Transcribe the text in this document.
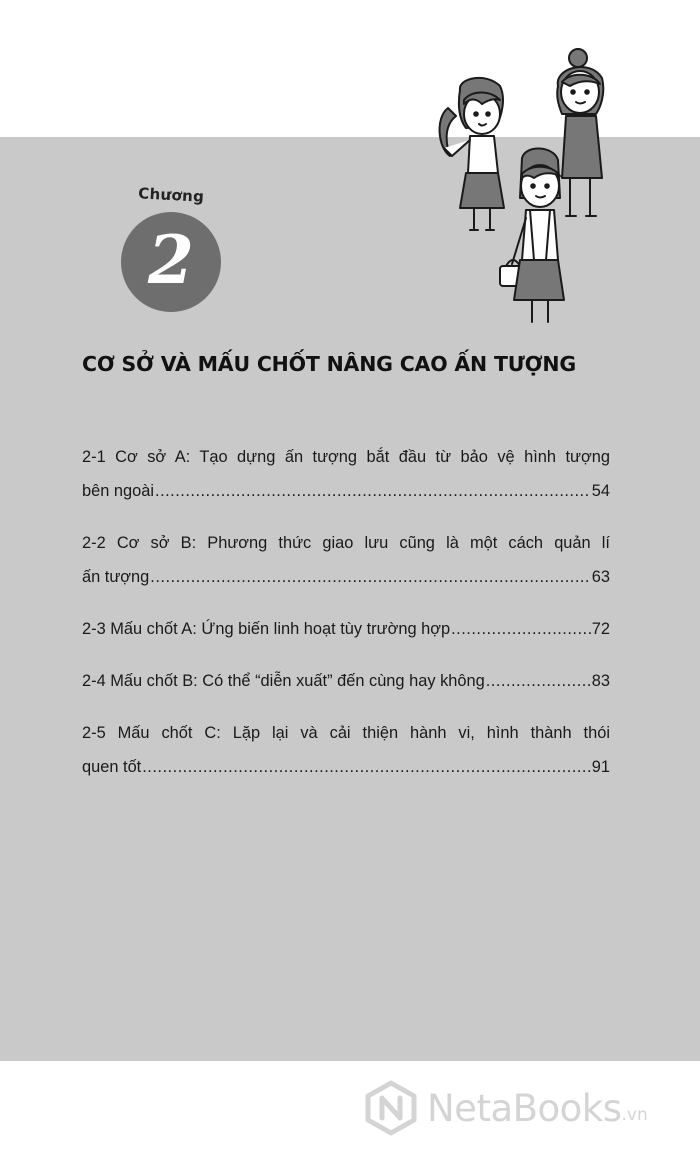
Chương
2
CƠ SỞ VÀ MẤU CHỐT NÂNG CAO ẤN TƯỢNG
2-1 Cơ sở A: Tạo dựng ấn tượng bắt đầu từ bảo vệ hình tượng
bên ngoài .....	54
2-2 Cơ sở B: Phương thức giao lưu cũng là một cách quản lí
ấn tượng .....	63
2-3 Mấu chốt A: Ứng biến linh hoạt tùy trường hợp .....	72
2-4 Mấu chốt B: Có thể “diễn xuất” đến cùng hay không .....	83
2-5 Mấu chốt C: Lặp lại và cải thiện hành vi, hình thành thói
quen tốt .....	91
NetaBooks .vn
